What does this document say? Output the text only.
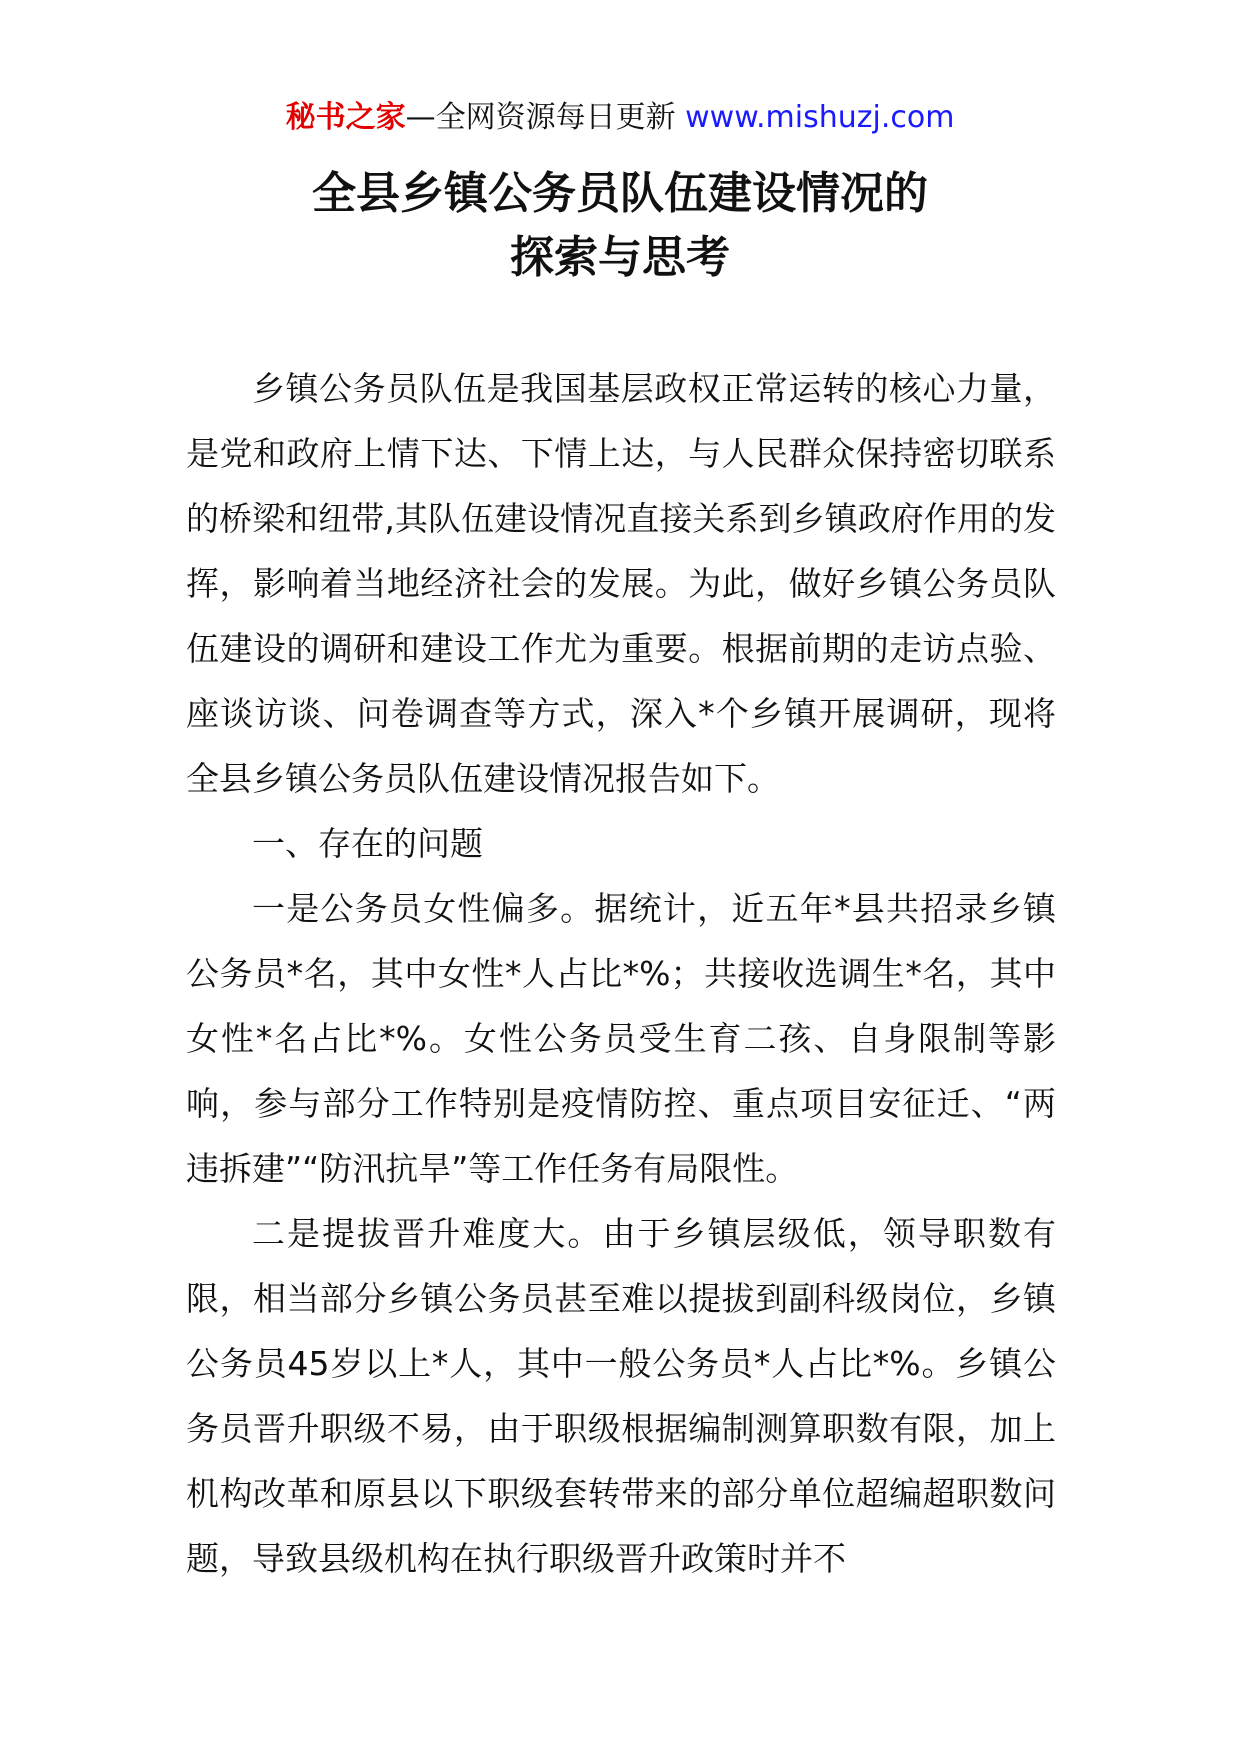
秘书之家—全网资源每日更新 www.mishuzj.com
全县乡镇公务员队伍建设情况的
探索与思考

乡镇公务员队伍是我国基层政权正常运转的核心力量，是党和政府上情下达、下情上达，与人民群众保持密切联系的桥梁和纽带,其队伍建设情况直接关系到乡镇政府作用的发挥，影响着当地经济社会的发展。为此，做好乡镇公务员队伍建设的调研和建设工作尤为重要。根据前期的走访点验、座谈访谈、问卷调查等方式，深入*个乡镇开展调研，现将全县乡镇公务员队伍建设情况报告如下。

一、存在的问题

一是公务员女性偏多。据统计，近五年*县共招录乡镇公务员*名，其中女性*人占比*%；共接收选调生*名，其中女性*名占比*%。女性公务员受生育二孩、自身限制等影响，参与部分工作特别是疫情防控、重点项目安征迁、“两违拆建”“防汛抗旱”等工作任务有局限性。

二是提拔晋升难度大。由于乡镇层级低，领导职数有限，相当部分乡镇公务员甚至难以提拔到副科级岗位，乡镇公务员45岁以上*人，其中一般公务员*人占比*%。乡镇公务员晋升职级不易，由于职级根据编制测算职数有限，加上机构改革和原县以下职级套转带来的部分单位超编超职数问题，导致县级机构在执行职级晋升政策时并不
